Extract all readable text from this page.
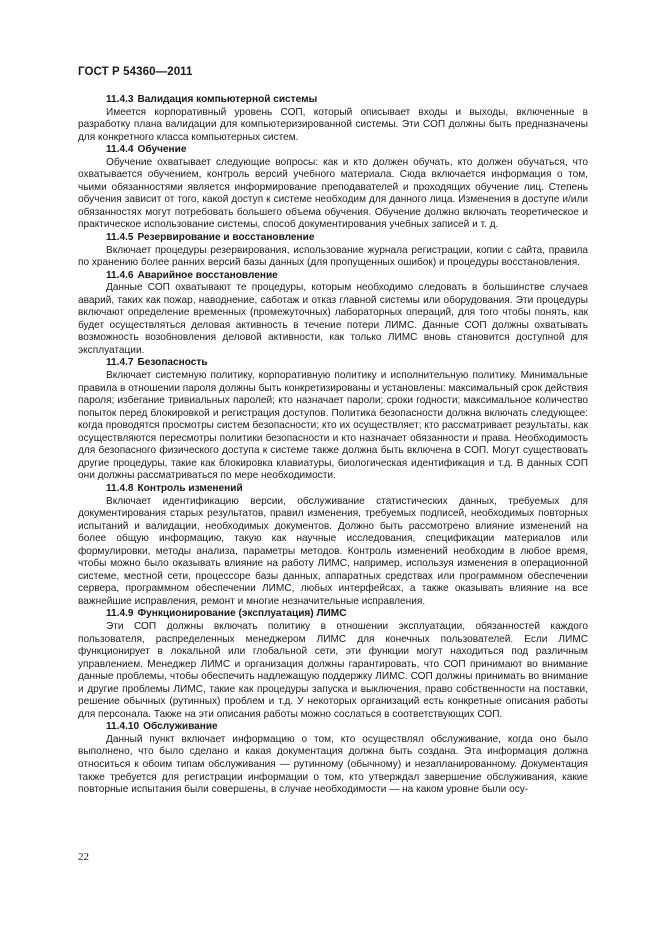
ГОСТ Р 54360—2011

11.4.3 Валидация компьютерной системы

Имеется корпоративный уровень СОП, который описывает входы и выходы, включенные в разработку плана валидации для компьютеризированной системы. Эти СОП должны быть предназначены для конкретного класса компьютерных систем.

11.4.4 Обучение

Обучение охватывает следующие вопросы: как и кто должен обучать, кто должен обучаться, что охватывается обучением, контроль версий учебного материала. Сюда включается информация о том, чьими обязанностями является информирование преподавателей и проходящих обучение лиц. Степень обучения зависит от того, какой доступ к системе необходим для данного лица. Изменения в доступе и/или обязанностях могут потребовать большего объема обучения. Обучение должно включать теоретическое и практическое использование системы, способ документирования учебных записей и т. д.

11.4.5 Резервирование и восстановление

Включает процедуры резервирования, использование журнала регистрации, копии с сайта, правила по хранению более ранних версий базы данных (для пропущенных ошибок) и процедуры восстановления.

11.4.6 Аварийное восстановление

Данные СОП охватывают те процедуры, которым необходимо следовать в большинстве случаев аварий, таких как пожар, наводнение, саботаж и отказ главной системы или оборудования. Эти процедуры включают определение временных (промежуточных) лабораторных операций, для того чтобы понять, как будет осуществляться деловая активность в течение потери ЛИМС. Данные СОП должны охватывать возможность возобновления деловой активности, как только ЛИМС вновь становится доступной для эксплуатации.

11.4.7 Безопасность

Включает системную политику, корпоративную политику и исполнительную политику. Минимальные правила в отношении пароля должны быть конкретизированы и установлены: максимальный срок действия пароля; избегание тривиальных паролей; кто назначает пароли; сроки годности; максимальное количество попыток перед блокировкой и регистрация доступов. Политика безопасности должна включать следующее: когда проводятся просмотры систем безопасности; кто их осуществляет; кто рассматривает результаты, как осуществляются пересмотры политики безопасности и кто назначает обязанности и права. Необходимость для безопасного физического доступа к системе также должна быть включена в СОП. Могут существовать другие процедуры, такие как блокировка клавиатуры, биологическая идентификация и т.д. В данных СОП они должны рассматриваться по мере необходимости.

11.4.8 Контроль изменений

Включает идентификацию версии, обслуживание статистических данных, требуемых для документирования старых результатов, правил изменения, требуемых подписей, необходимых повторных испытаний и валидации, необходимых документов. Должно быть рассмотрено влияние изменений на более общую информацию, такую как научные исследования, спецификации материалов или формулировки, методы анализа, параметры методов. Контроль изменений необходим в любое время, чтобы можно было оказывать влияние на работу ЛИМС, например, используя изменения в операционной системе, местной сети, процессоре базы данных, аппаратных средствах или программном обеспечении сервера, программном обеспечении ЛИМС, любых интерфейсах, а также оказывать влияние на все важнейшие исправления, ремонт и многие незначительные исправления.

11.4.9 Функционирование (эксплуатация) ЛИМС

Эти СОП должны включать политику в отношении эксплуатации, обязанностей каждого пользователя, распределенных менеджером ЛИМС для конечных пользователей. Если ЛИМС функционирует в локальной или глобальной сети, эти функции могут находиться под различным управлением. Менеджер ЛИМС и организация должны гарантировать, что СОП принимают во внимание данные проблемы, чтобы обеспечить надлежащую поддержку ЛИМС. СОП должны принимать во внимание и другие проблемы ЛИМС, такие как процедуры запуска и выключения, право собственности на поставки, решение обычных (рутинных) проблем и т.д. У некоторых организаций есть конкретные описания работы для персонала. Также на эти описания работы можно сослаться в соответствующих СОП.

11.4.10 Обслуживание

Данный пункт включает информацию о том, кто осуществлял обслуживание, когда оно было выполнено, что было сделано и какая документация должна быть создана. Эта информация должна относиться к обоим типам обслуживания — рутинному (обычному) и незапланированному. Документация также требуется для регистрации информации о том, кто утверждал завершение обслуживания, какие повторные испытания были совершены, в случае необходимости — на каком уровне были осу-

22
